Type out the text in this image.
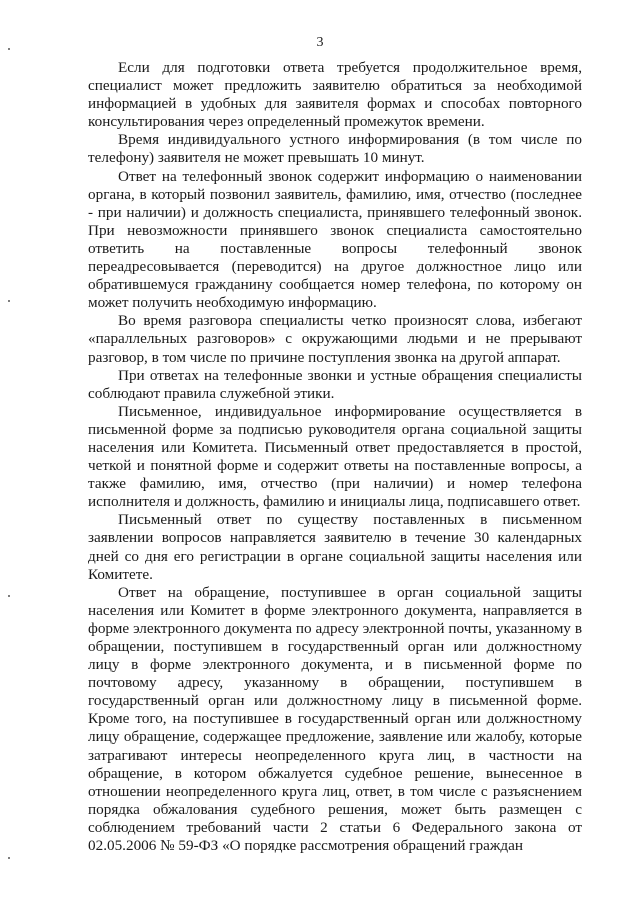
3

Если для подготовки ответа требуется продолжительное время, специалист может предложить заявителю обратиться за необходимой информацией в удобных для заявителя формах и способах повторного консультирования через определенный промежуток времени.

Время индивидуального устного информирования (в том числе по телефону) заявителя не может превышать 10 минут.

Ответ на телефонный звонок содержит информацию о наименовании органа, в который позвонил заявитель, фамилию, имя, отчество (последнее - при наличии) и должность специалиста, принявшего телефонный звонок. При невозможности принявшего звонок специалиста самостоятельно ответить на поставленные вопросы телефонный звонок переадресовывается (переводится) на другое должностное лицо или обратившемуся гражданину сообщается номер телефона, по которому он может получить необходимую информацию.

Во время разговора специалисты четко произносят слова, избегают «параллельных разговоров» с окружающими людьми и не прерывают разговор, в том числе по причине поступления звонка на другой аппарат.

При ответах на телефонные звонки и устные обращения специалисты соблюдают правила служебной этики.

Письменное, индивидуальное информирование осуществляется в письменной форме за подписью руководителя органа социальной защиты населения или Комитета. Письменный ответ предоставляется в простой, четкой и понятной форме и содержит ответы на поставленные вопросы, а также фамилию, имя, отчество (при наличии) и номер телефона исполнителя и должность, фамилию и инициалы лица, подписавшего ответ.

Письменный ответ по существу поставленных в письменном заявлении вопросов направляется заявителю в течение 30 календарных дней со дня его регистрации в органе социальной защиты населения или Комитете.

Ответ на обращение, поступившее в орган социальной защиты населения или Комитет в форме электронного документа, направляется в форме электронного документа по адресу электронной почты, указанному в обращении, поступившем в государственный орган или должностному лицу в форме электронного документа, и в письменной форме по почтовому адресу, указанному в обращении, поступившем в государственный орган или должностному лицу в письменной форме. Кроме того, на поступившее в государственный орган или должностному лицу обращение, содержащее предложение, заявление или жалобу, которые затрагивают интересы неопределенного круга лиц, в частности на обращение, в котором обжалуется судебное решение, вынесенное в отношении неопределенного круга лиц, ответ, в том числе с разъяснением порядка обжалования судебного решения, может быть размещен с соблюдением требований части 2 статьи 6 Федерального закона от 02.05.2006 № 59-ФЗ «О порядке рассмотрения обращений граждан
